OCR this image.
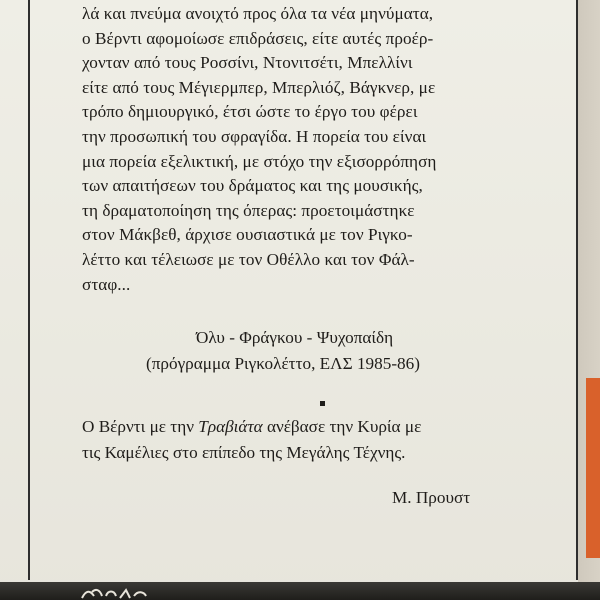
λά και πνεύμα ανοιχτό προς όλα τα νέα μηνύματα,
ο Βέρντι αφομοίωσε επιδράσεις, είτε αυτές προέρ-
χονταν από τους Ροσσίνι, Ντονιτσέτι, Μπελλίνι
είτε από τους Μέγιερμπερ, Μπερλιόζ, Βάγκνερ, με
τρόπο δημιουργικό, έτσι ώστε το έργο του φέρει
την προσωπική του σφραγίδα. Η πορεία του είναι
μια πορεία εξελικτική, με στόχο την εξισορρόπηση
των απαιτήσεων του δράματος και της μουσικής,
τη δραματοποίηση της όπερας: προετοιμάστηκε
στον Μάκβεθ, άρχισε ουσιαστικά με τον Ριγκο-
λέττο και τέλειωσε με τον Οθέλλο και τον Φάλ-
σταφ...
Όλυ - Φράγκου - Ψυχοπαίδη
(πρόγραμμα Ριγκολέττο, ΕΛΣ 1985-86)
Ο Βέρντι με την Τραβιάτα ανέβασε την Κυρία με
τις Καμέλιες στο επίπεδο της Μεγάλης Τέχνης.
Μ. Προυστ
